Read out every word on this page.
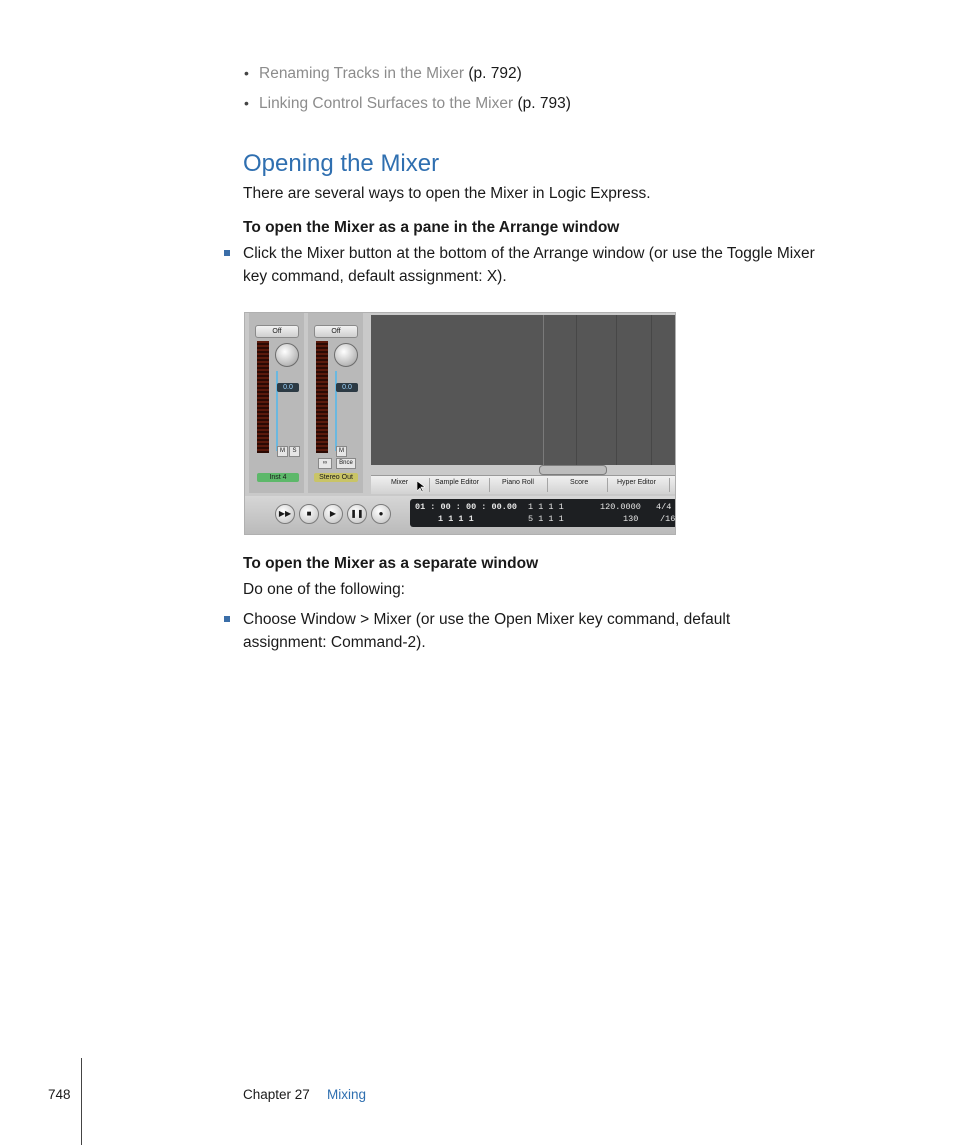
• Renaming Tracks in the Mixer (p. 792)
• Linking Control Surfaces to the Mixer (p. 793)
Opening the Mixer
There are several ways to open the Mixer in Logic Express.
To open the Mixer as a pane in the Arrange window
Click the Mixer button at the bottom of the Arrange window (or use the Toggle Mixer
key command, default assignment: X).
Off
0.0
M	S
Inst 4
Off
0.0
M
∞	Bnce
Stereo Out
Mixer	Sample Editor	Piano Roll	Score	Hyper Editor
▶▶	■	▶	❚❚	●
01 : 00 : 00 : 00.00
1 1 1 1
1 1 1 1
5 1 1 1
120.0000
130
4/4
/16
To open the Mixer as a separate window
Do one of the following:
Choose Window > Mixer (or use the Open Mixer key command, default
assignment: Command-2).
748	Chapter 27 Mixing
